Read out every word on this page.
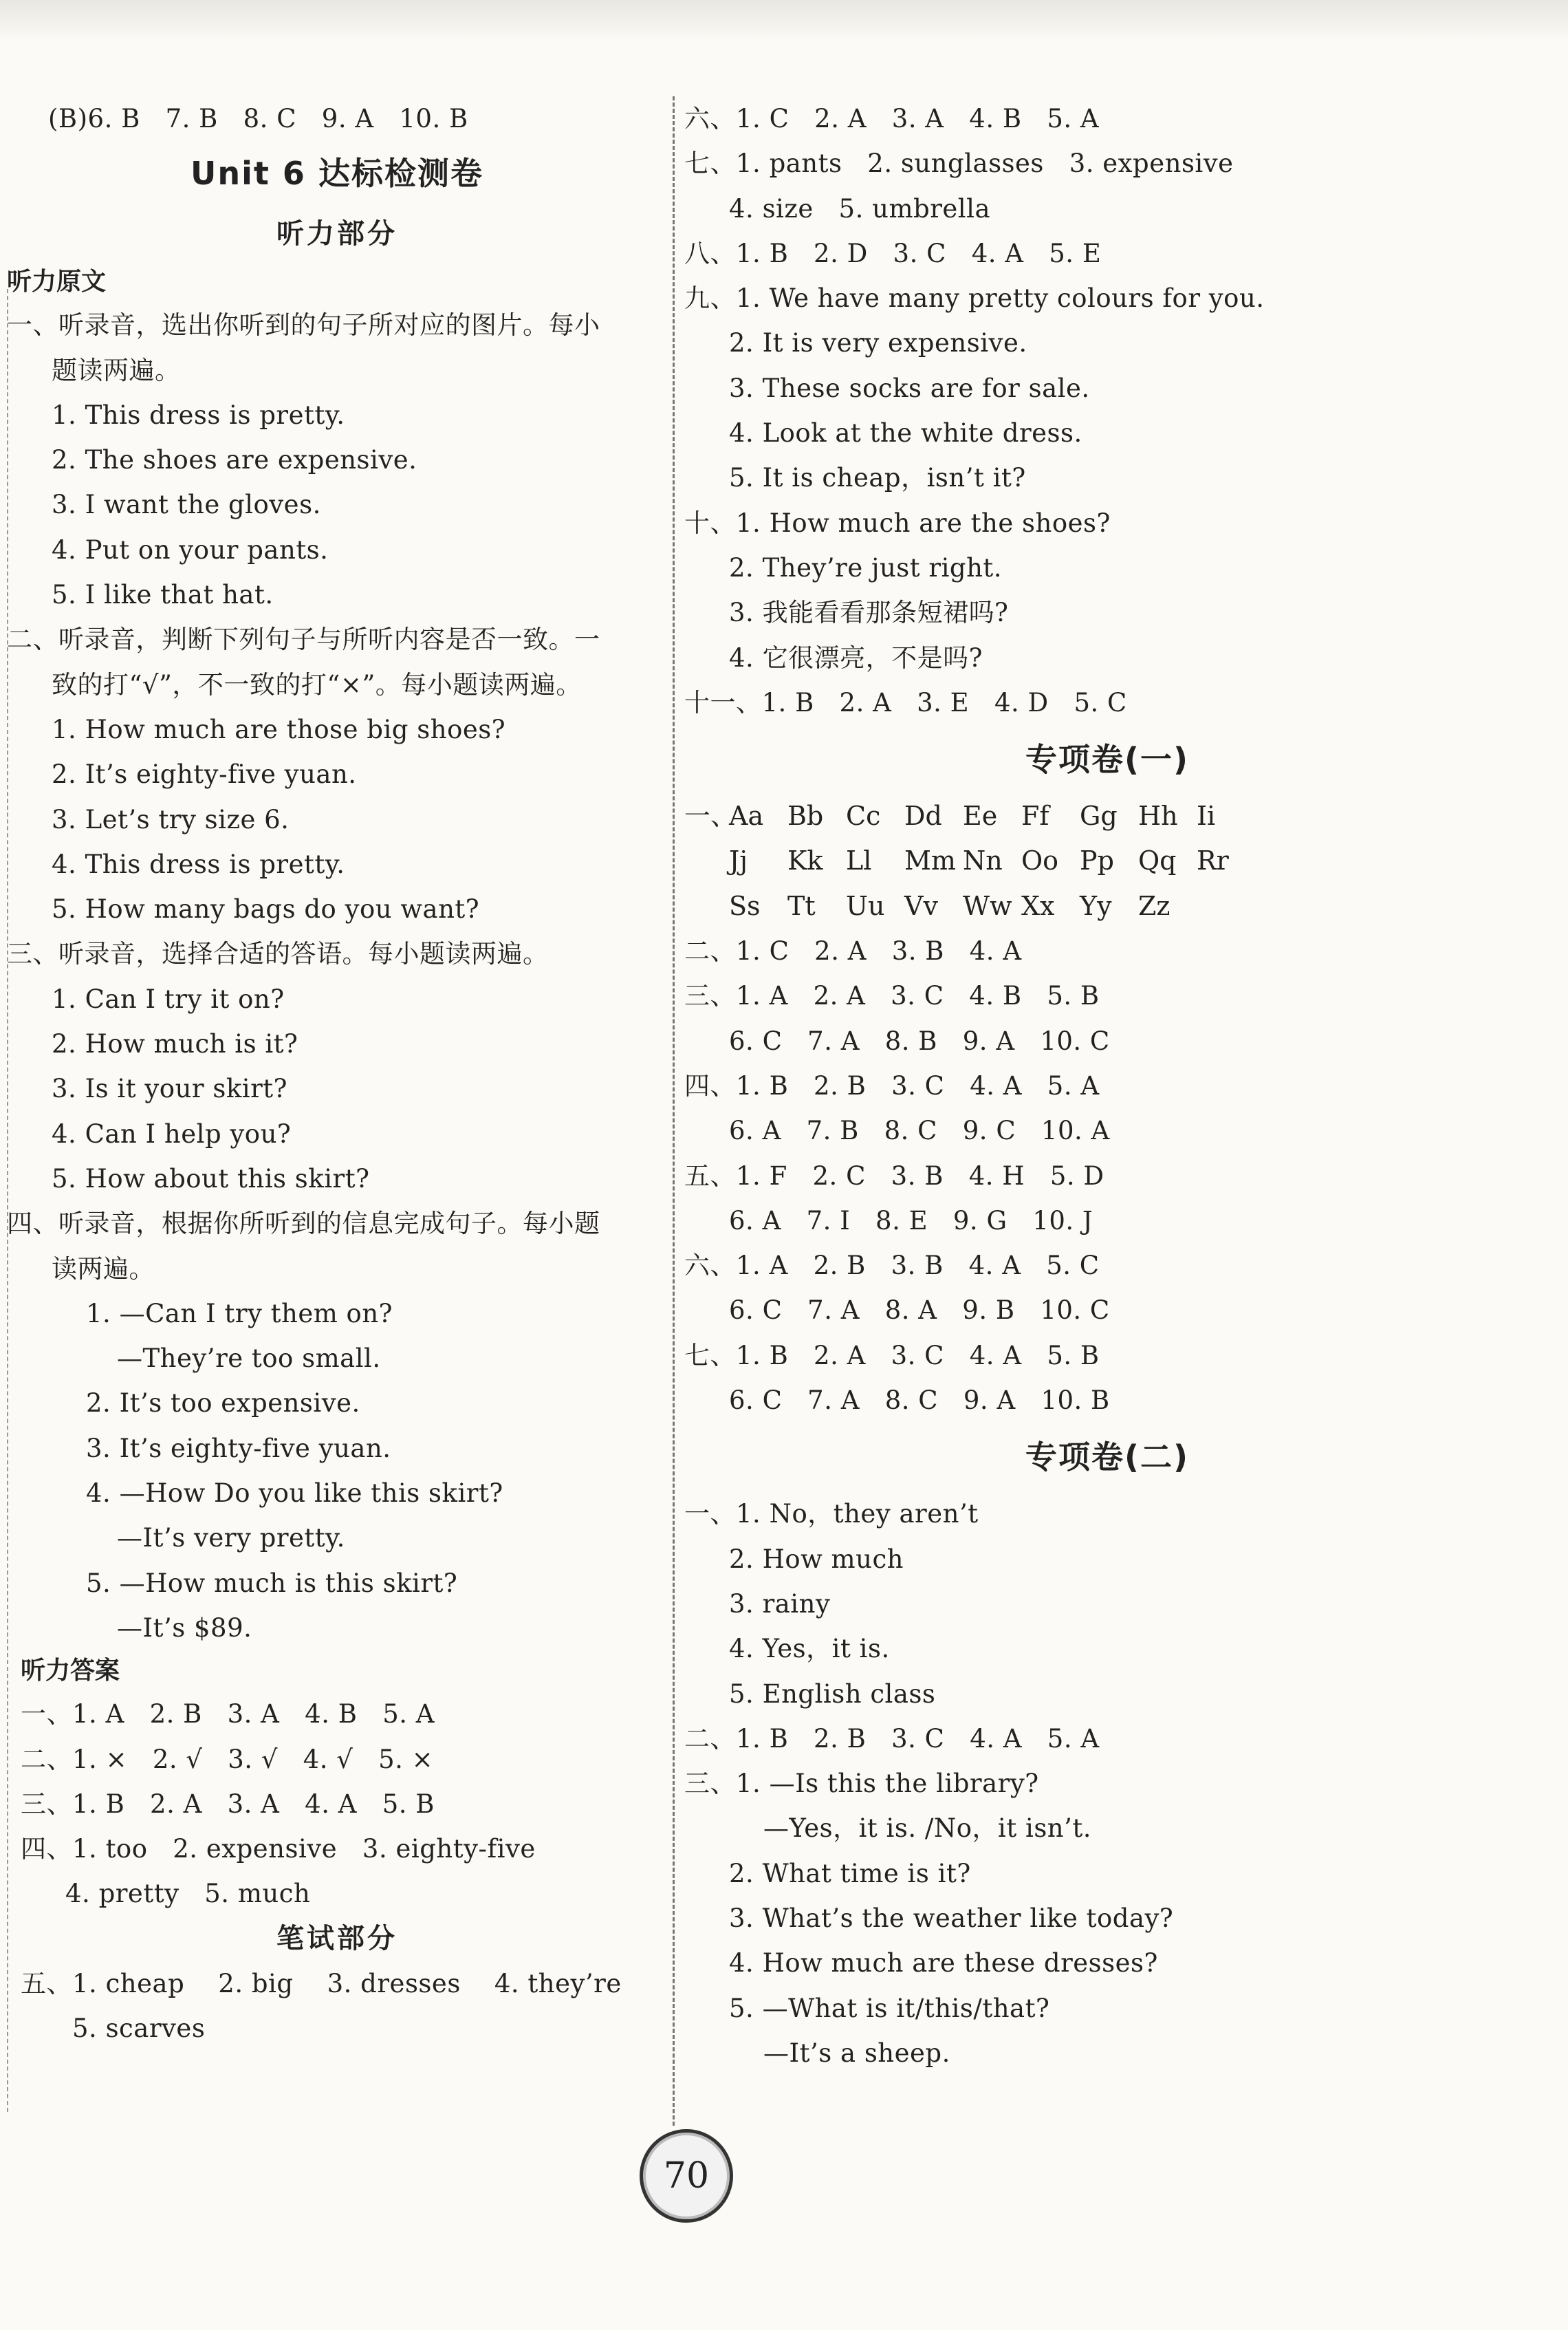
(B)6. B   7. B   8. C   9. A   10. B
Unit 6 达标检测卷
听力部分
听力原文
一、听录音，选出你听到的句子所对应的图片。每小
题读两遍。
1. This dress is pretty.
2. The shoes are expensive.
3. I want the gloves.
4. Put on your pants.
5. I like that hat.
二、听录音，判断下列句子与所听内容是否一致。一
致的打“√”，不一致的打“×”。每小题读两遍。
1. How much are those big shoes?
2. It’s eighty-five yuan.
3. Let’s try size 6.
4. This dress is pretty.
5. How many bags do you want?
三、听录音，选择合适的答语。每小题读两遍。
1. Can I try it on?
2. How much is it?
3. Is it your skirt?
4. Can I help you?
5. How about this skirt?
四、听录音，根据你所听到的信息完成句子。每小题
读两遍。
1. —Can I try them on?
—They’re too small.
2. It’s too expensive.
3. It’s eighty-five yuan.
4. —How Do you like this skirt?
—It’s very pretty.
5. —How much is this skirt?
—It’s $89.
听力答案
一、1. A   2. B   3. A   4. B   5. A
二、1. ×   2. √   3. √   4. √   5. ×
三、1. B   2. A   3. A   4. A   5. B
四、1. too   2. expensive   3. eighty-five
4. pretty   5. much
笔试部分
五、1. cheap    2. big    3. dresses    4. they’re
5. scarves
六、1. C   2. A   3. A   4. B   5. A
七、1. pants   2. sunglasses   3. expensive
4. size   5. umbrella
八、1. B   2. D   3. C   4. A   5. E
九、1. We have many pretty colours for you.
2. It is very expensive.
3. These socks are for sale.
4. Look at the white dress.
5. It is cheap，isn’t it?
十、1. How much are the shoes?
2. They’re just right.
3. 我能看看那条短裙吗?
4. 它很漂亮，不是吗?
十一、1. B   2. A   3. E   4. D   5. C
专项卷(一)
一、
Aa Bb Cc Dd Ee Ff	Gg Hh Ii
Jj	Kk Ll	Mm Nn Oo Pp Qq Rr
Ss	Tt	Uu Vv Ww Xx Yy	Zz
二、1. C   2. A   3. B   4. A
三、1. A   2. A   3. C   4. B   5. B
6. C   7. A   8. B   9. A   10. C
四、1. B   2. B   3. C   4. A   5. A
6. A   7. B   8. C   9. C   10. A
五、1. F   2. C   3. B   4. H   5. D
6. A   7. I   8. E   9. G   10. J
六、1. A   2. B   3. B   4. A   5. C
6. C   7. A   8. A   9. B   10. C
七、1. B   2. A   3. C   4. A   5. B
6. C   7. A   8. C   9. A   10. B
专项卷(二)
一、1. No，they aren’t
2. How much
3. rainy
4. Yes，it is.
5. English class
二、1. B   2. B   3. C   4. A   5. A
三、1. —Is this the library?
—Yes，it is. /No，it isn’t.
2. What time is it?
3. What’s the weather like today?
4. How much are these dresses?
5. —What is it/this/that?
—It’s a sheep.
70
